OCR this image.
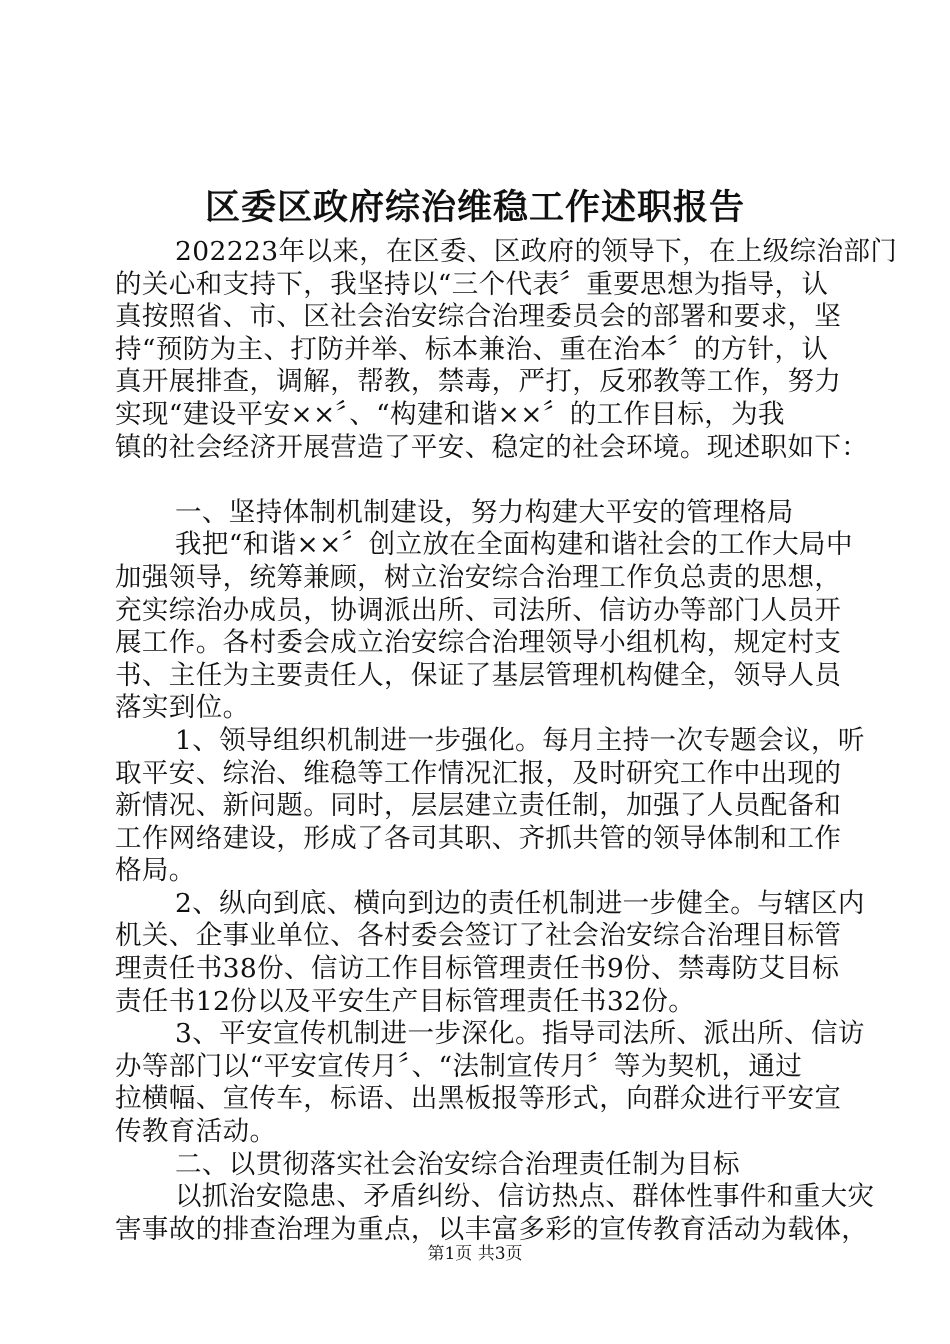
区委区政府综治维稳工作述职报告
202223年以来，在区委、区政府的领导下，在上级综治部门
的关心和支持下，我坚持以“三个代表〞重要思想为指导，认
真按照省、市、区社会治安综合治理委员会的部署和要求，坚
持“预防为主、打防并举、标本兼治、重在治本〞的方针，认
真开展排查，调解，帮教，禁毒，严打，反邪教等工作，努力
实现“建设平安××〞、“构建和谐××〞的工作目标，为我
镇的社会经济开展营造了平安、稳定的社会环境。现述职如下：
一、坚持体制机制建设，努力构建大平安的管理格局
我把“和谐××〞创立放在全面构建和谐社会的工作大局中
加强领导，统筹兼顾，树立治安综合治理工作负总责的思想，
充实综治办成员，协调派出所、司法所、信访办等部门人员开
展工作。各村委会成立治安综合治理领导小组机构，规定村支
书、主任为主要责任人，保证了基层管理机构健全，领导人员
落实到位。
1、领导组织机制进一步强化。每月主持一次专题会议，听
取平安、综治、维稳等工作情况汇报，及时研究工作中出现的
新情况、新问题。同时，层层建立责任制，加强了人员配备和
工作网络建设，形成了各司其职、齐抓共管的领导体制和工作
格局。
2、纵向到底、横向到边的责任机制进一步健全。与辖区内
机关、企事业单位、各村委会签订了社会治安综合治理目标管
理责任书38份、信访工作目标管理责任书9份、禁毒防艾目标
责任书12份以及平安生产目标管理责任书32份。
3、平安宣传机制进一步深化。指导司法所、派出所、信访
办等部门以“平安宣传月〞、“法制宣传月〞等为契机，通过
拉横幅、宣传车，标语、出黑板报等形式，向群众进行平安宣
传教育活动。
二、以贯彻落实社会治安综合治理责任制为目标
以抓治安隐患、矛盾纠纷、信访热点、群体性事件和重大灾
害事故的排查治理为重点，以丰富多彩的宣传教育活动为载体，
第1页 共3页
